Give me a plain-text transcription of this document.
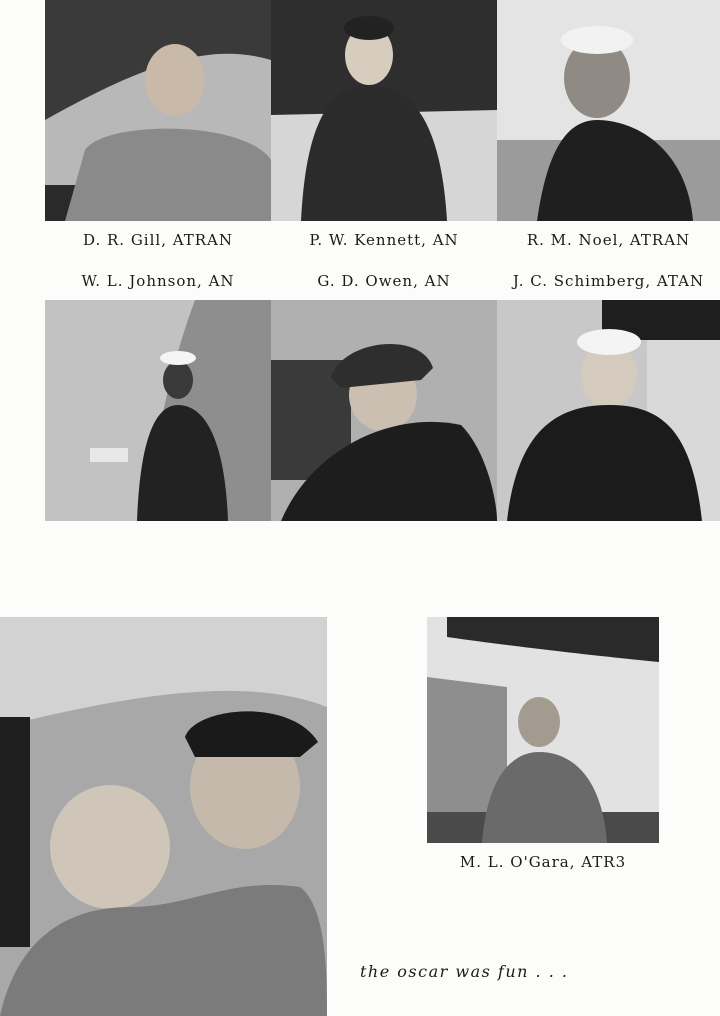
D. R. Gill, ATRAN	P. W. Kennett, AN	R. M. Noel, ATRAN
W. L. Johnson, AN	G. D. Owen, AN	J. C. Schimberg, ATAN
M. L. O'Gara, ATR3
the oscar was fun . . .
